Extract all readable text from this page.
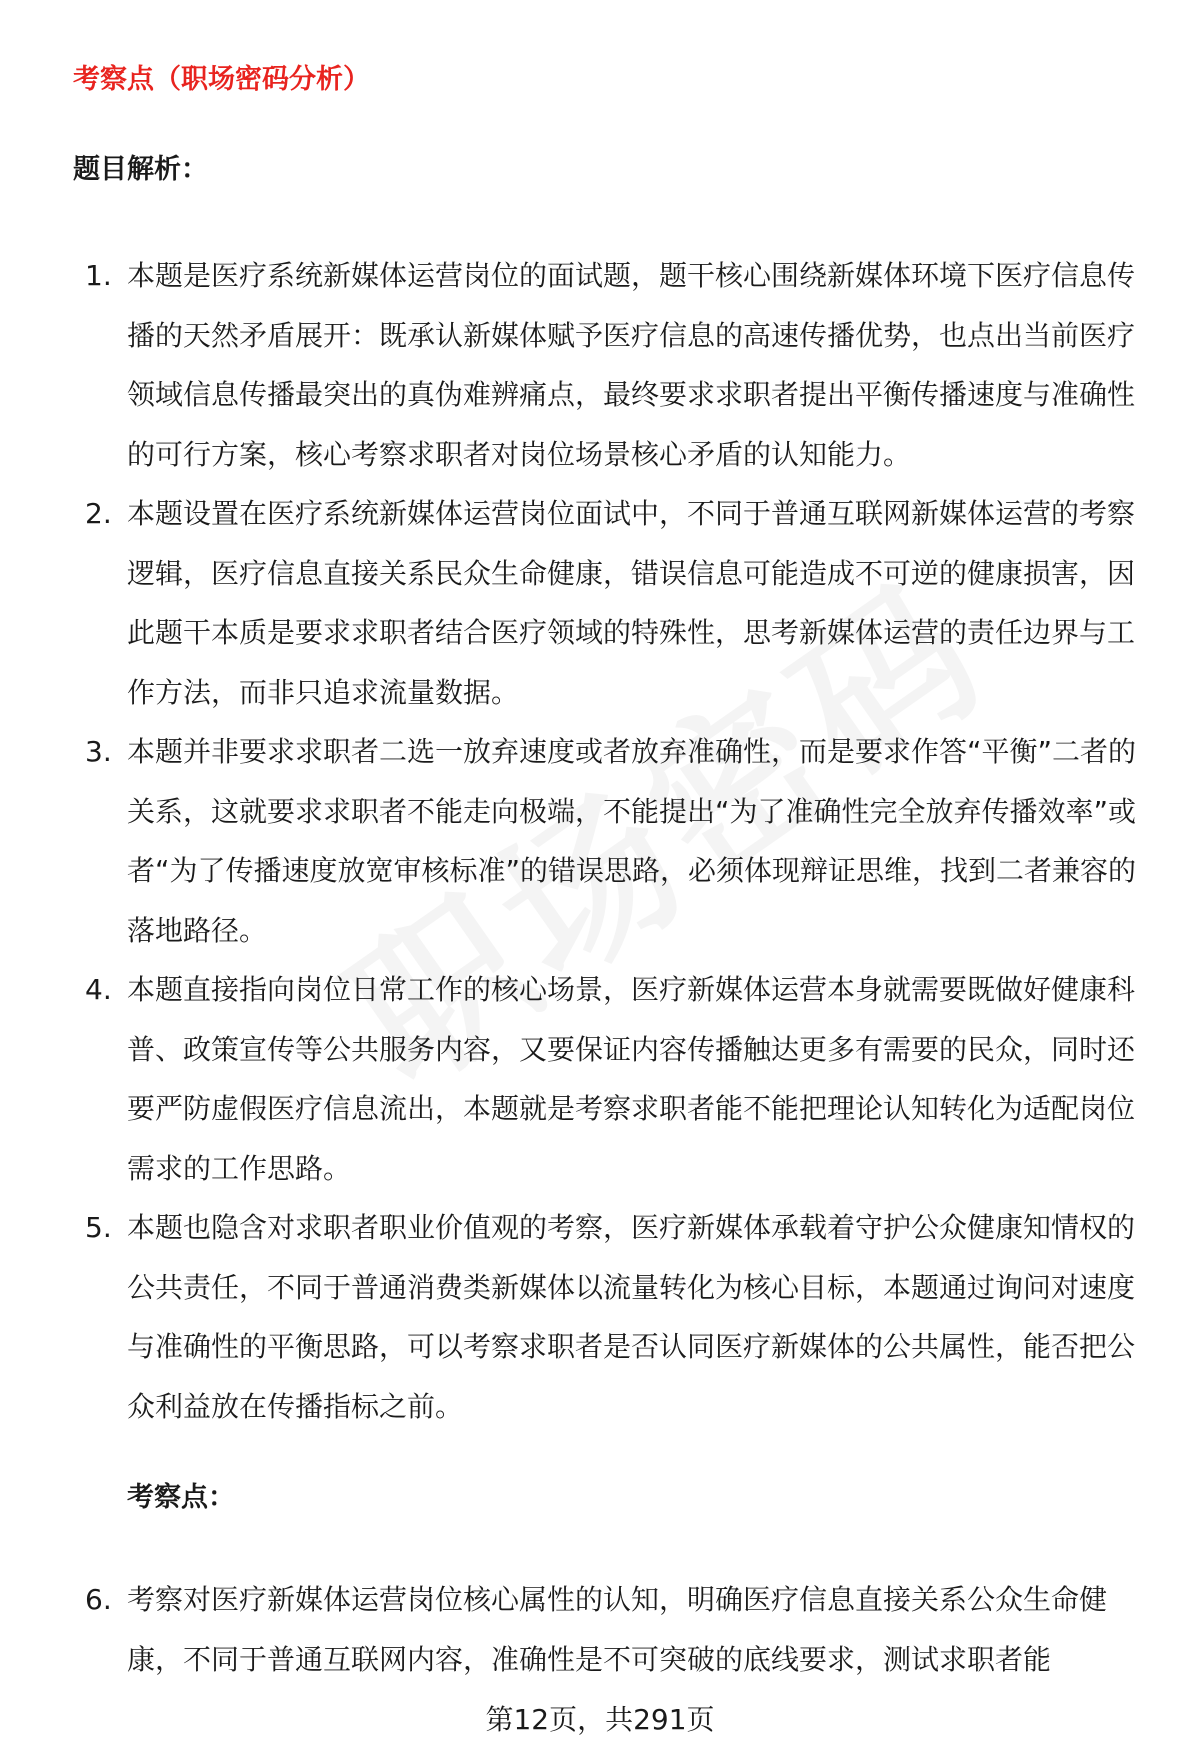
考察点（职场密码分析）
题目解析：
1. 本题是医疗系统新媒体运营岗位的面试题，题干核心围绕新媒体环境下医疗信息传播的天然矛盾展开：既承认新媒体赋予医疗信息的高速传播优势，也点出当前医疗领域信息传播最突出的真伪难辨痛点，最终要求求职者提出平衡传播速度与准确性的可行方案，核心考察求职者对岗位场景核心矛盾的认知能力。
2. 本题设置在医疗系统新媒体运营岗位面试中，不同于普通互联网新媒体运营的考察逻辑，医疗信息直接关系民众生命健康，错误信息可能造成不可逆的健康损害，因此题干本质是要求求职者结合医疗领域的特殊性，思考新媒体运营的责任边界与工作方法，而非只追求流量数据。
3. 本题并非要求求职者二选一放弃速度或者放弃准确性，而是要求作答“平衡”二者的关系，这就要求求职者不能走向极端，不能提出“为了准确性完全放弃传播效率”或者“为了传播速度放宽审核标准”的错误思路，必须体现辩证思维，找到二者兼容的落地路径。
4. 本题直接指向岗位日常工作的核心场景，医疗新媒体运营本身就需要既做好健康科普、政策宣传等公共服务内容，又要保证内容传播触达更多有需要的民众，同时还要严防虚假医疗信息流出，本题就是考察求职者能不能把理论认知转化为适配岗位需求的工作思路。
5. 本题也隐含对求职者职业价值观的考察，医疗新媒体承载着守护公众健康知情权的公共责任，不同于普通消费类新媒体以流量转化为核心目标，本题通过询问对速度与准确性的平衡思路，可以考察求职者是否认同医疗新媒体的公共属性，能否把公众利益放在传播指标之前。
考察点：
6. 考察对医疗新媒体运营岗位核心属性的认知，明确医疗信息直接关系公众生命健康，不同于普通互联网内容，准确性是不可突破的底线要求，测试求职者能
第12页，共291页
